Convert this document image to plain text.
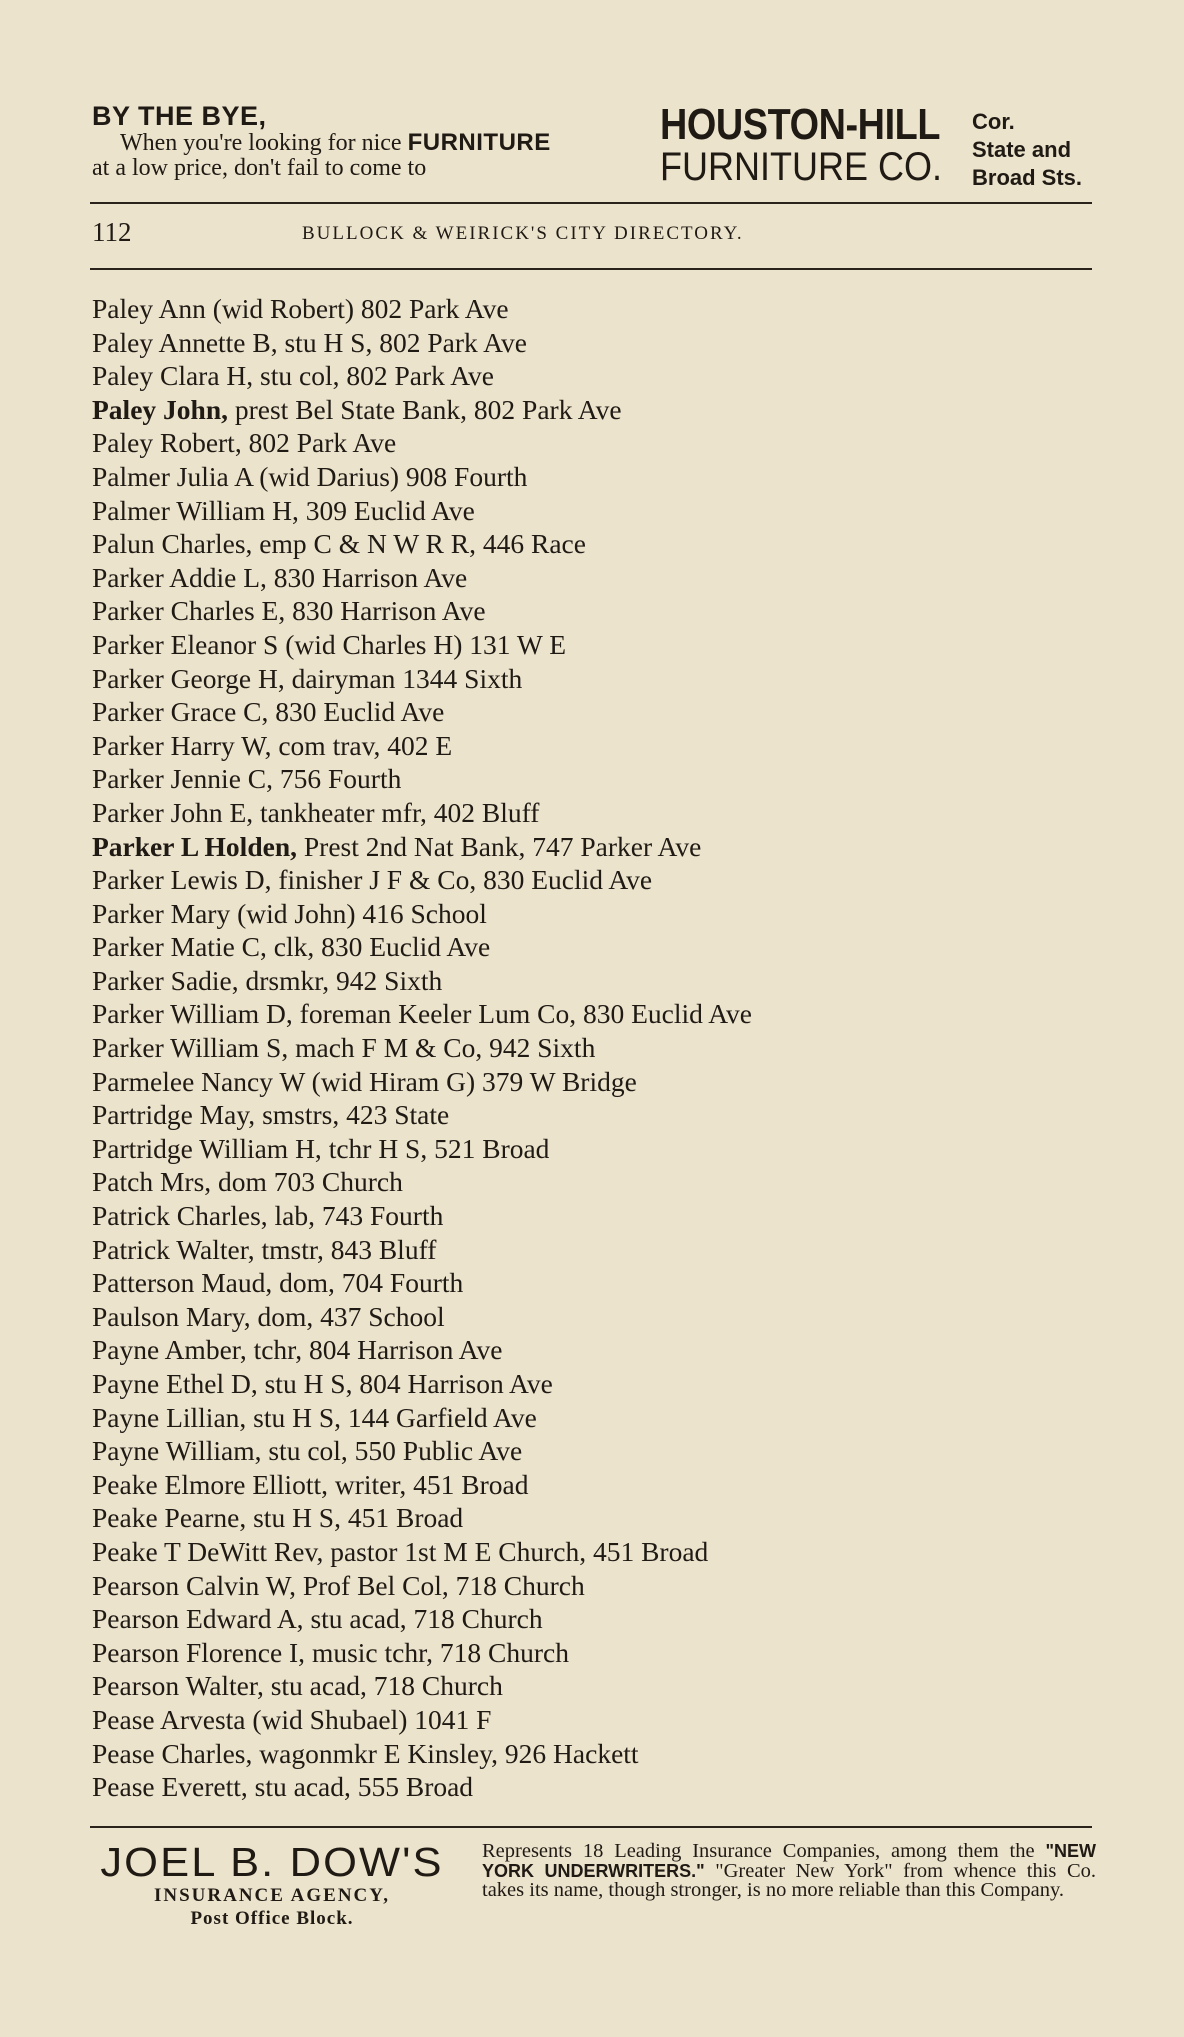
BY THE BYE,
When you're looking for nice FURNITURE
at a low price, don't fail to come to
HOUSTON-HILL
FURNITURE CO.
Cor.
State and
Broad Sts.
112	BULLOCK & WEIRICK'S CITY DIRECTORY.
Paley Ann (wid Robert) 802 Park Ave
Paley Annette B, stu H S, 802 Park Ave
Paley Clara H, stu col, 802 Park Ave
Paley John, prest Bel State Bank, 802 Park Ave
Paley Robert, 802 Park Ave
Palmer Julia A (wid Darius) 908 Fourth
Palmer William H, 309 Euclid Ave
Palun Charles, emp C & N W R R, 446 Race
Parker Addie L, 830 Harrison Ave
Parker Charles E, 830 Harrison Ave
Parker Eleanor S (wid Charles H) 131 W E
Parker George H, dairyman 1344 Sixth
Parker Grace C, 830 Euclid Ave
Parker Harry W, com trav, 402 E
Parker Jennie C, 756 Fourth
Parker John E, tankheater mfr, 402 Bluff
Parker L Holden, Prest 2nd Nat Bank, 747 Parker Ave
Parker Lewis D, finisher J F & Co, 830 Euclid Ave
Parker Mary (wid John) 416 School
Parker Matie C, clk, 830 Euclid Ave
Parker Sadie, drsmkr, 942 Sixth
Parker William D, foreman Keeler Lum Co, 830 Euclid Ave
Parker William S, mach F M & Co, 942 Sixth
Parmelee Nancy W (wid Hiram G) 379 W Bridge
Partridge May, smstrs, 423 State
Partridge William H, tchr H S, 521 Broad
Patch Mrs, dom 703 Church
Patrick Charles, lab, 743 Fourth
Patrick Walter, tmstr, 843 Bluff
Patterson Maud, dom, 704 Fourth
Paulson Mary, dom, 437 School
Payne Amber, tchr, 804 Harrison Ave
Payne Ethel D, stu H S, 804 Harrison Ave
Payne Lillian, stu H S, 144 Garfield Ave
Payne William, stu col, 550 Public Ave
Peake Elmore Elliott, writer, 451 Broad
Peake Pearne, stu H S, 451 Broad
Peake T DeWitt Rev, pastor 1st M E Church, 451 Broad
Pearson Calvin W, Prof Bel Col, 718 Church
Pearson Edward A, stu acad, 718 Church
Pearson Florence I, music tchr, 718 Church
Pearson Walter, stu acad, 718 Church
Pease Arvesta (wid Shubael) 1041 F
Pease Charles, wagonmkr E Kinsley, 926 Hackett
Pease Everett, stu acad, 555 Broad
JOEL B. DOW'S
INSURANCE AGENCY,
Post Office Block.
Represents 18 Leading Insurance Companies, among them the "NEW YORK UNDERWRITERS." "Greater New York" from whence this Co. takes its name, though stronger, is no more reliable than this Company.
